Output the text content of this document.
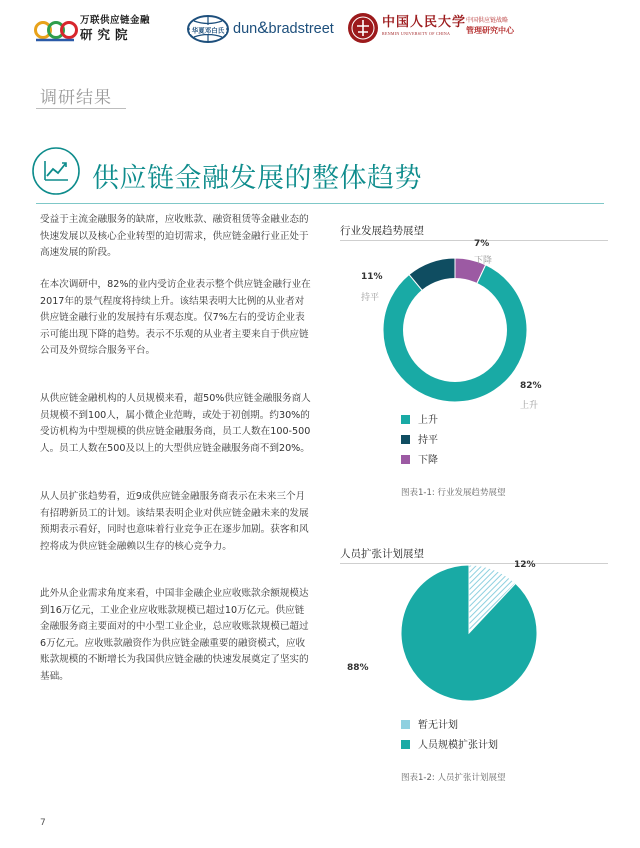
万联供应链金融
研究院	华夏邓白氏 dun&bradstreet	中国人民大学
RENMIN UNIVERSITY OF CHINA
中国供应链战略
管理研究中心
调研结果
供应链金融发展的整体趋势
受益于主流金融服务的缺席，应收账款、融资租赁等金融业态的快速发展以及核心企业转型的迫切需求，供应链金融行业正处于高速发展的阶段。
在本次调研中，82%的业内受访企业表示整个供应链金融行业在2017年的景气程度将持续上升。该结果表明大比例的从业者对供应链金融行业的发展持有乐观态度。仅7%左右的受访企业表示可能出现下降的趋势。表示不乐观的从业者主要来自于供应链公司及外贸综合服务平台。
从供应链金融机构的人员规模来看，超50%供应链金融服务商人员规模不到100人，属小微企业范畴，或处于初创期。约30%的受访机构为中型规模的供应链金融服务商，员工人数在100-500人。员工人数在500及以上的大型供应链金融服务商不到20%。
从人员扩张趋势看，近9成供应链金融服务商表示在未来三个月有招聘新员工的计划。该结果表明企业对供应链金融未来的发展预期表示看好，同时也意味着行业竞争正在逐步加剧。获客和风控将成为供应链金融赖以生存的核心竞争力。
此外从企业需求角度来看，中国非金融企业应收账款余额规模达到16万亿元，工业企业应收账款规模已超过10万亿元。供应链金融服务商主要面对的中小型工业企业，总应收账款规模已超过6万亿元。应收账款融资作为供应链金融重要的融资模式，应收账款规模的不断增长为我国供应链金融的快速发展奠定了坚实的基础。
行业发展趋势展望
7%
下降
11%
持平
82%
上升
上升
持平
下降
图表1-1: 行业发展趋势展望
人员扩张计划展望
12%
88%
暂无计划
人员规模扩张计划
图表1-2: 人员扩张计划展望
7
